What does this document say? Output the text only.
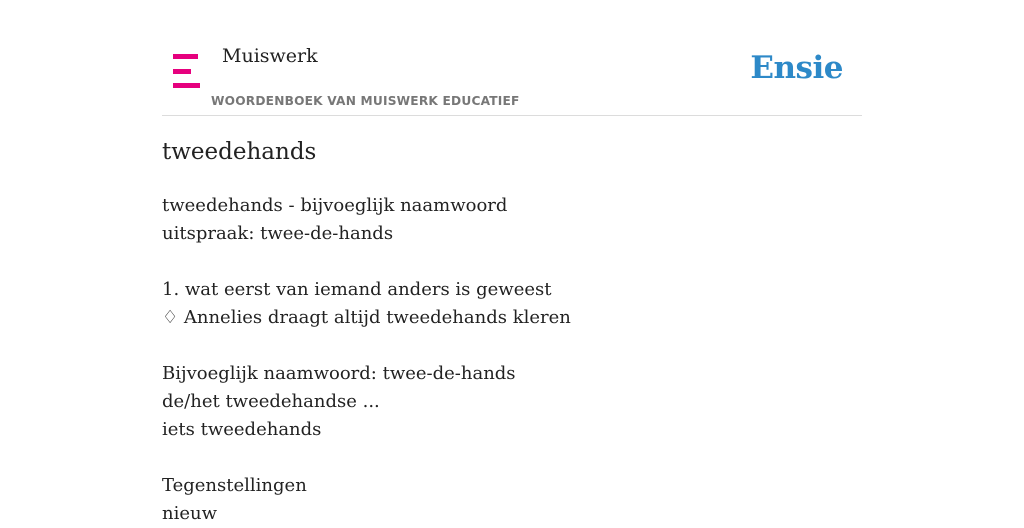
Muiswerk
WOORDENBOEK VAN MUISWERK EDUCATIEF
Ensie
tweedehands
tweedehands - bijvoeglijk naamwoord
uitspraak: twee-de-hands
1. wat eerst van iemand anders is geweest
♢ Annelies draagt altijd tweedehands kleren
Bijvoeglijk naamwoord: twee-de-hands
de/het tweedehandse ...
iets tweedehands
Tegenstellingen
nieuw
